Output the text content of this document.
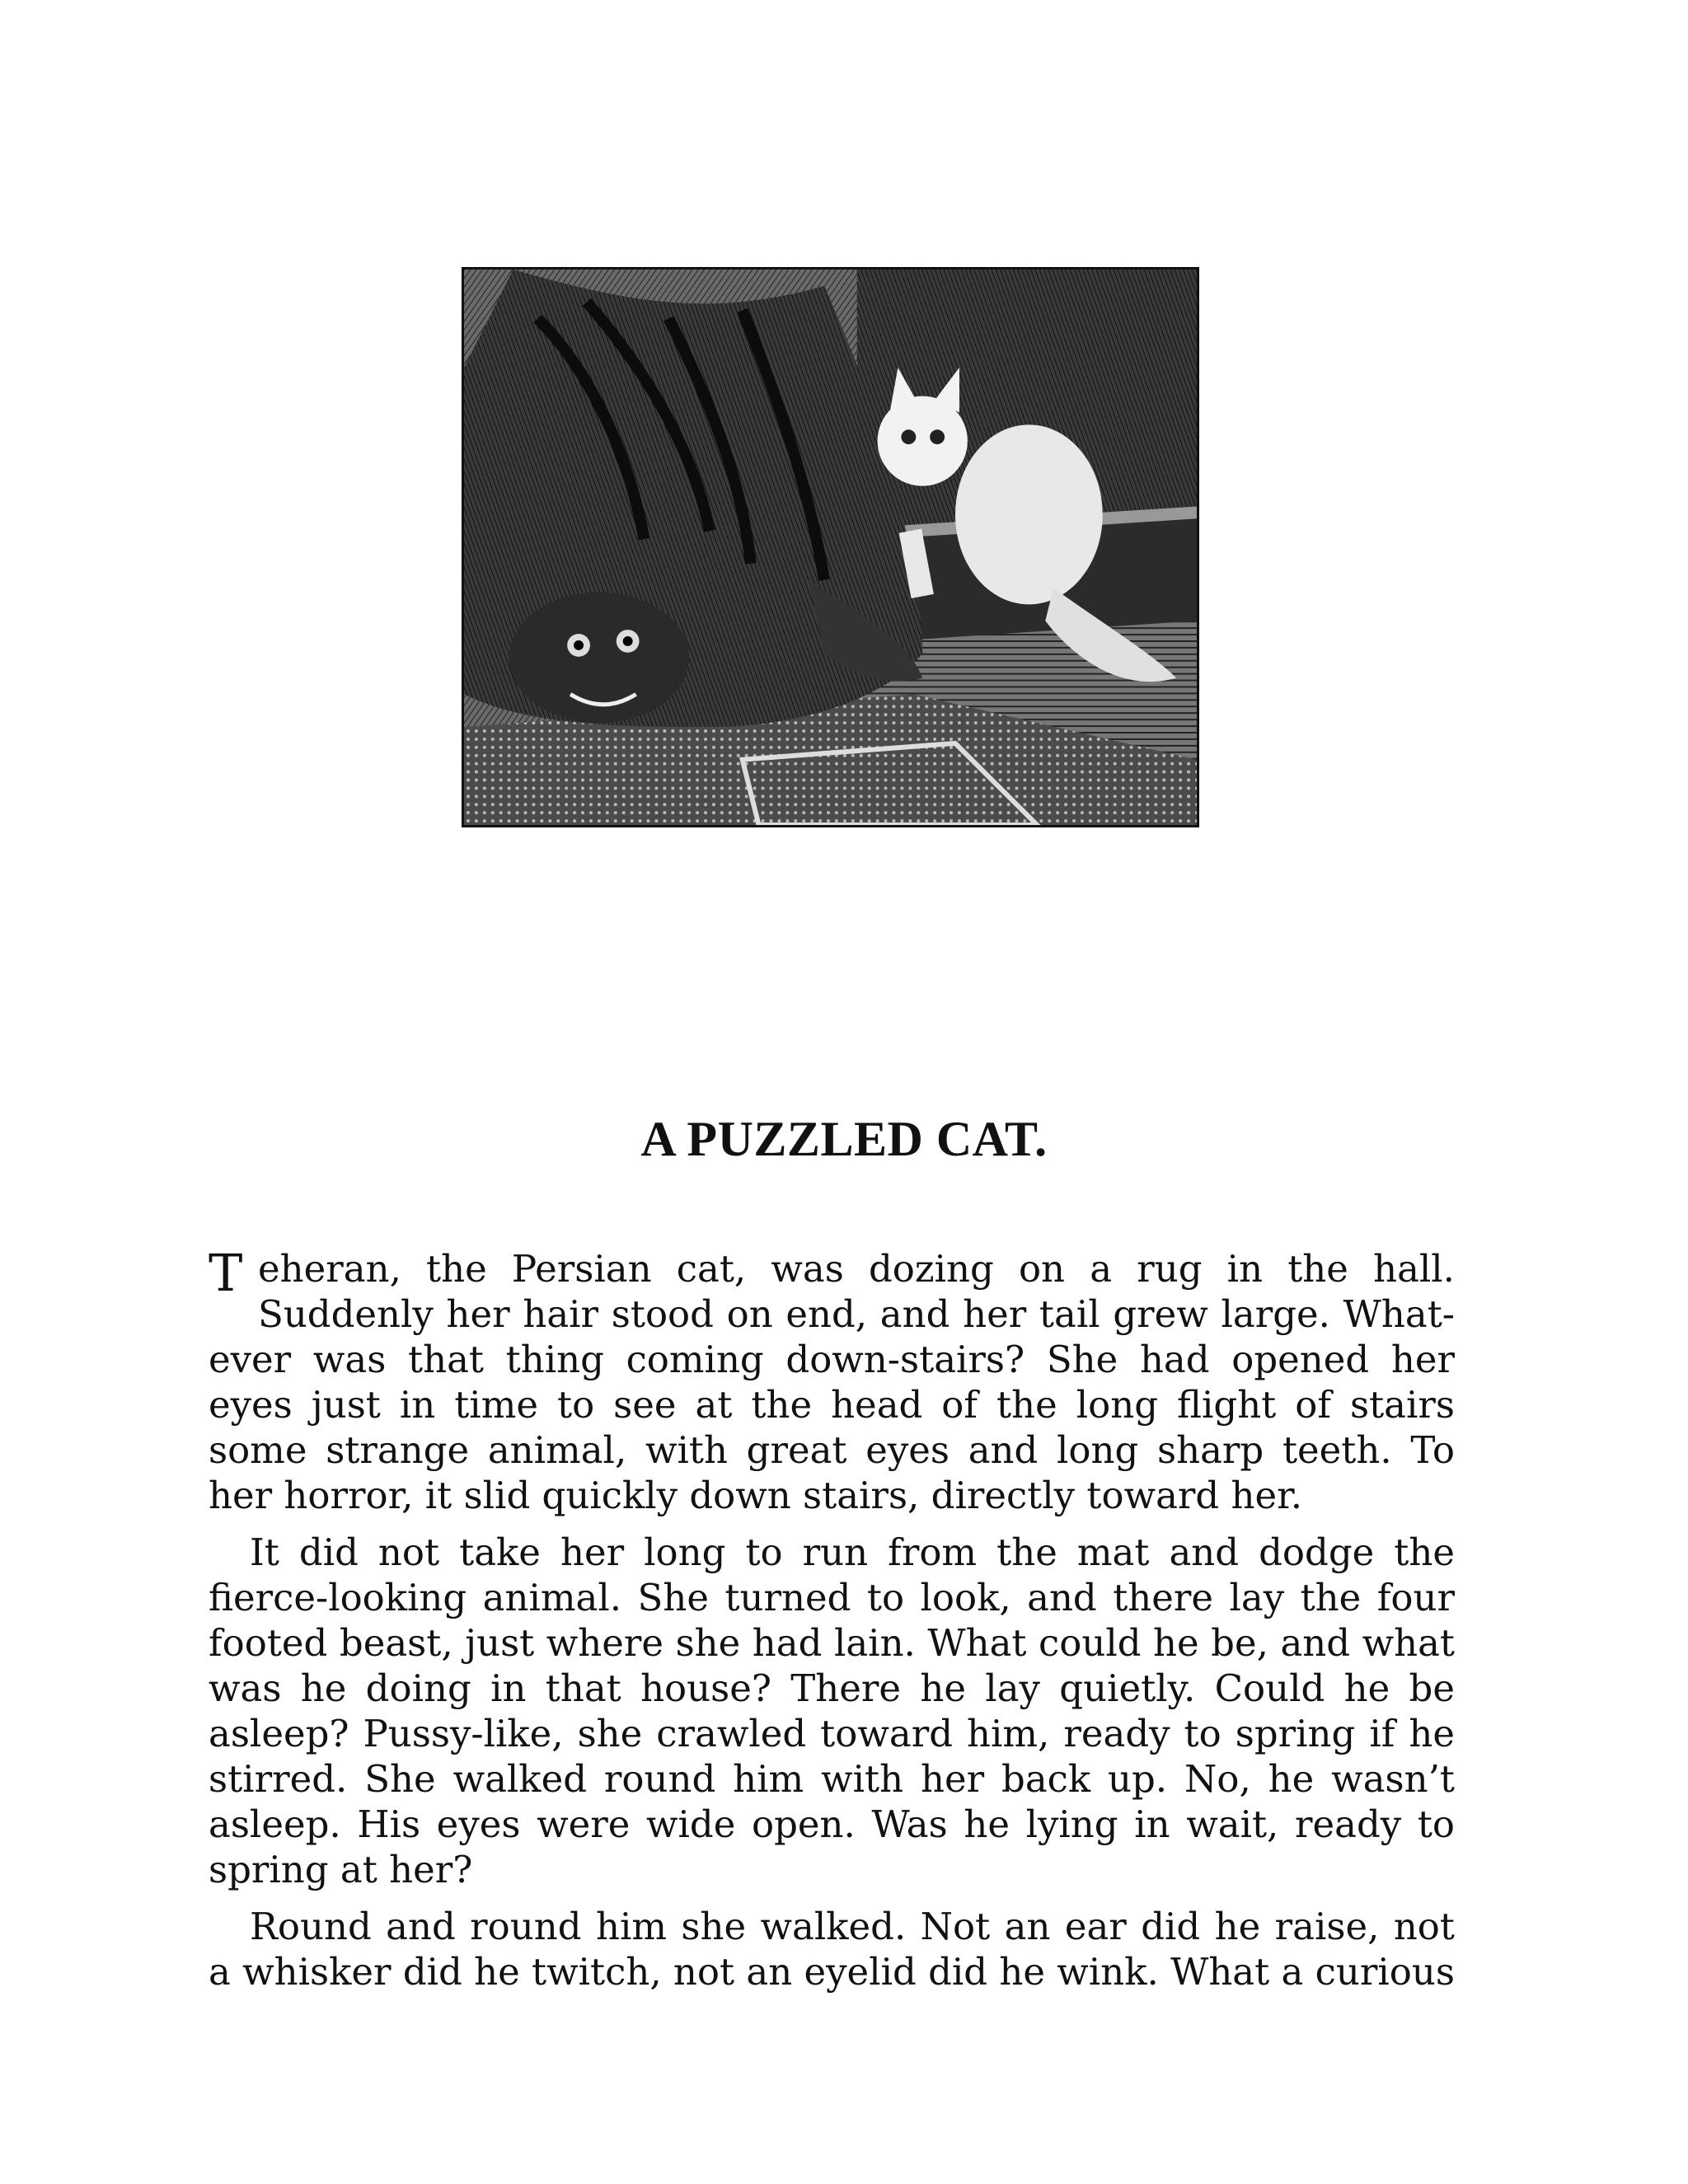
A PUZZLED CAT.

T eheran, the Persian cat, was dozing on a rug in the hall. Suddenly her hair stood on end, and her tail grew large. What-ever was that thing coming down-stairs? She had opened her eyes just in time to see at the head of the long flight of stairs some strange animal, with great eyes and long sharp teeth. To her horror, it slid quickly down stairs, directly toward her.

It did not take her long to run from the mat and dodge the fierce-looking animal. She turned to look, and there lay the four footed beast, just where she had lain. What could he be, and what was he doing in that house? There he lay quietly. Could he be asleep? Pussy-like, she crawled toward him, ready to spring if he stirred. She walked round him with her back up. No, he wasn’t asleep. His eyes were wide open. Was he lying in wait, ready to spring at her?

Round and round him she walked. Not an ear did he raise, not a whisker did he twitch, not an eyelid did he wink. What a curious
